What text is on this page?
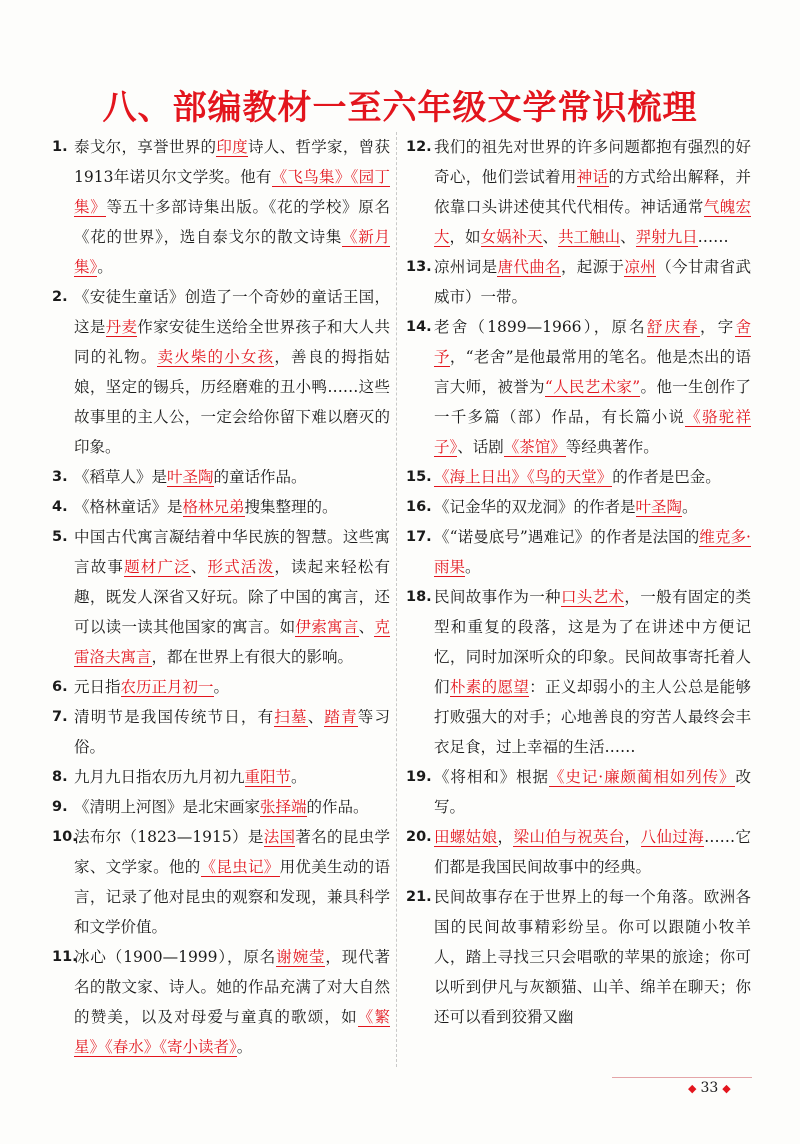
八、部编教材一至六年级文学常识梳理
1. 泰戈尔，享誉世界的印度诗人、哲学家，曾获1913年诺贝尔文学奖。他有《飞鸟集》《园丁集》等五十多部诗集出版。《花的学校》原名《花的世界》，选自泰戈尔的散文诗集《新月集》。
2. 《安徒生童话》创造了一个奇妙的童话王国，这是丹麦作家安徒生送给全世界孩子和大人共同的礼物。卖火柴的小女孩，善良的拇指姑娘，坚定的锡兵，历经磨难的丑小鸭……这些故事里的主人公，一定会给你留下难以磨灭的印象。
3. 《稻草人》是叶圣陶的童话作品。
4. 《格林童话》是格林兄弟搜集整理的。
5. 中国古代寓言凝结着中华民族的智慧。这些寓言故事题材广泛、形式活泼，读起来轻松有趣，既发人深省又好玩。除了中国的寓言，还可以读一读其他国家的寓言。如伊索寓言、克雷洛夫寓言，都在世界上有很大的影响。
6. 元日指农历正月初一。
7. 清明节是我国传统节日，有扫墓、踏青等习俗。
8. 九月九日指农历九月初九重阳节。
9. 《清明上河图》是北宋画家张择端的作品。
10.
法布尔（1823—1915）是法国著名的昆虫学家、文学家。他的《昆虫记》用优美生动的语言，记录了他对昆虫的观察和发现，兼具科学和文学价值。
11.
冰心（1900—1999），原名谢婉莹，现代著名的散文家、诗人。她的作品充满了对大自然的赞美，以及对母爱与童真的歌颂，如《繁星》《春水》《寄小读者》。
12. 我们的祖先对世界的许多问题都抱有强烈的好奇心，他们尝试着用神话的方式给出解释，并依靠口头讲述使其代代相传。神话通常气魄宏大，如女娲补天、共工触山、羿射九日……
13. 凉州词是唐代曲名，起源于凉州（今甘肃省武威市）一带。
14. 老舍（1899—1966），原名舒庆春，字舍予，“老舍”是他最常用的笔名。他是杰出的语言大师，被誉为“人民艺术家”。他一生创作了一千多篇（部）作品，有长篇小说《骆驼祥子》、话剧《茶馆》等经典著作。
15. 《海上日出》《鸟的天堂》的作者是巴金。
16. 《记金华的双龙洞》的作者是叶圣陶。
17. 《“诺曼底号”遇难记》的作者是法国的维克多·雨果。
18. 民间故事作为一种口头艺术，一般有固定的类型和重复的段落，这是为了在讲述中方便记忆，同时加深听众的印象。民间故事寄托着人们朴素的愿望：正义却弱小的主人公总是能够打败强大的对手；心地善良的穷苦人最终会丰衣足食，过上幸福的生活……
19. 《将相和》根据《史记·廉颇蔺相如列传》改写。
20. 田螺姑娘，梁山伯与祝英台，八仙过海……它们都是我国民间故事中的经典。
21. 民间故事存在于世界上的每一个角落。欧洲各国的民间故事精彩纷呈。你可以跟随小牧羊人，踏上寻找三只会唱歌的苹果的旅途；你可以听到伊凡与灰额猫、山羊、绵羊在聊天；你还可以看到狡猾又幽
◆ 33 ◆
